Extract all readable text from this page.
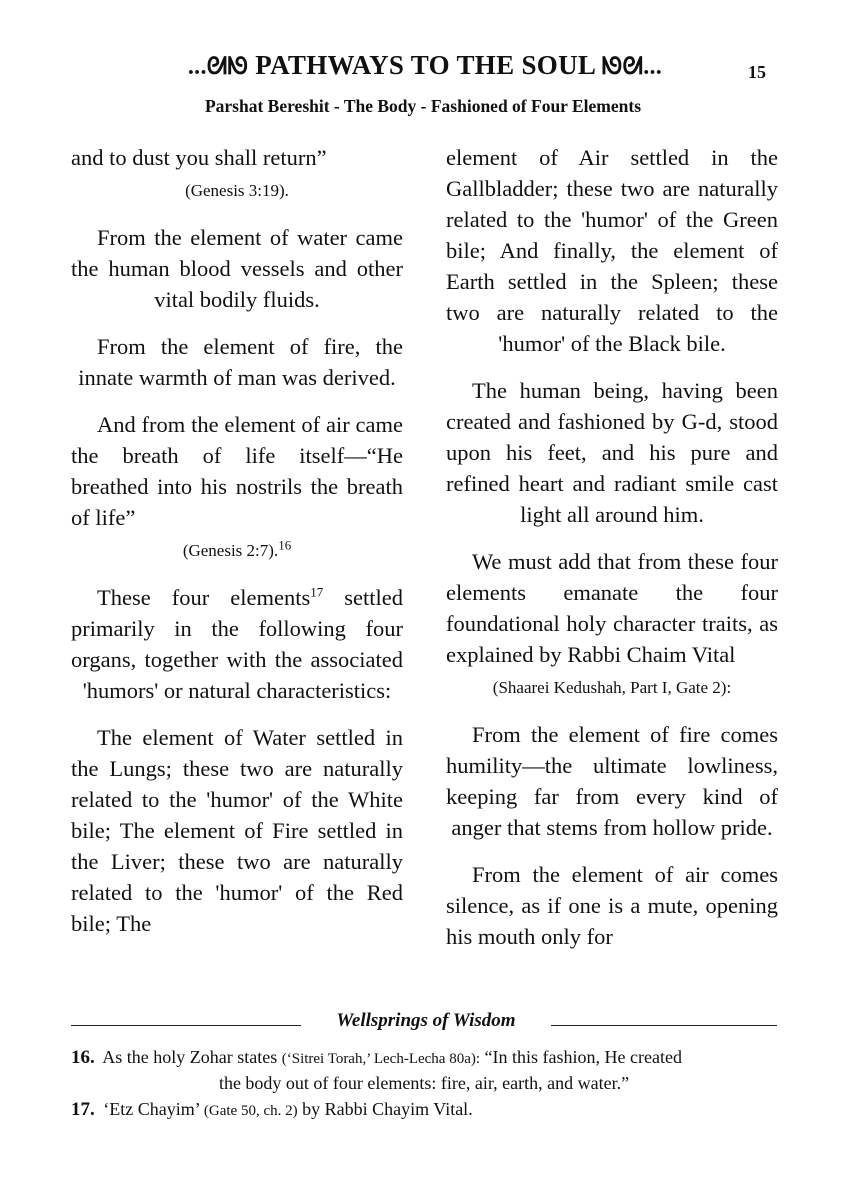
...ᘛᘚ PATHWAYS TO THE SOUL ᘚᘛ...	15
Parshat Bereshit - The Body - Fashioned of Four Elements

and to dust you shall return”

(Genesis 3:19).

From the element of water came the human blood vessels and other vital bodily fluids.

From the element of fire, the innate warmth of man was derived.

And from the element of air came the breath of life itself—“He breathed into his nostrils the breath of life”

(Genesis 2:7).$^{16}$

These four elements$^{17}$ settled primarily in the following four organs, together with the associated 'humors' or natural characteristics:

The element of Water settled in the Lungs; these two are naturally related to the 'humor' of the White bile; The element of Fire settled in the Liver; these two are naturally related to the 'humor' of the Red bile; The

element of Air settled in the Gallbladder; these two are naturally related to the 'humor' of the Green bile; And finally, the element of Earth settled in the Spleen; these two are naturally related to the 'humor' of the Black bile.

The human being, having been created and fashioned by G-d, stood upon his feet, and his pure and refined heart and radiant smile cast light all around him.

We must add that from these four elements emanate the four foundational holy character traits, as explained by Rabbi Chaim Vital

(Shaarei Kedushah, Part I, Gate 2):

From the element of fire comes humility—the ultimate lowliness, keeping far from every kind of anger that stems from hollow pride.

From the element of air comes silence, as if one is a mute, opening his mouth only for

Wellsprings of Wisdom
16. As the holy Zohar states (‘Sitrei Torah,’ Lech-Lecha 80a): “In this fashion, He created
the body out of four elements: fire, air, earth, and water.”
17. ‘Etz Chayim’ (Gate 50, ch. 2) by Rabbi Chayim Vital.
